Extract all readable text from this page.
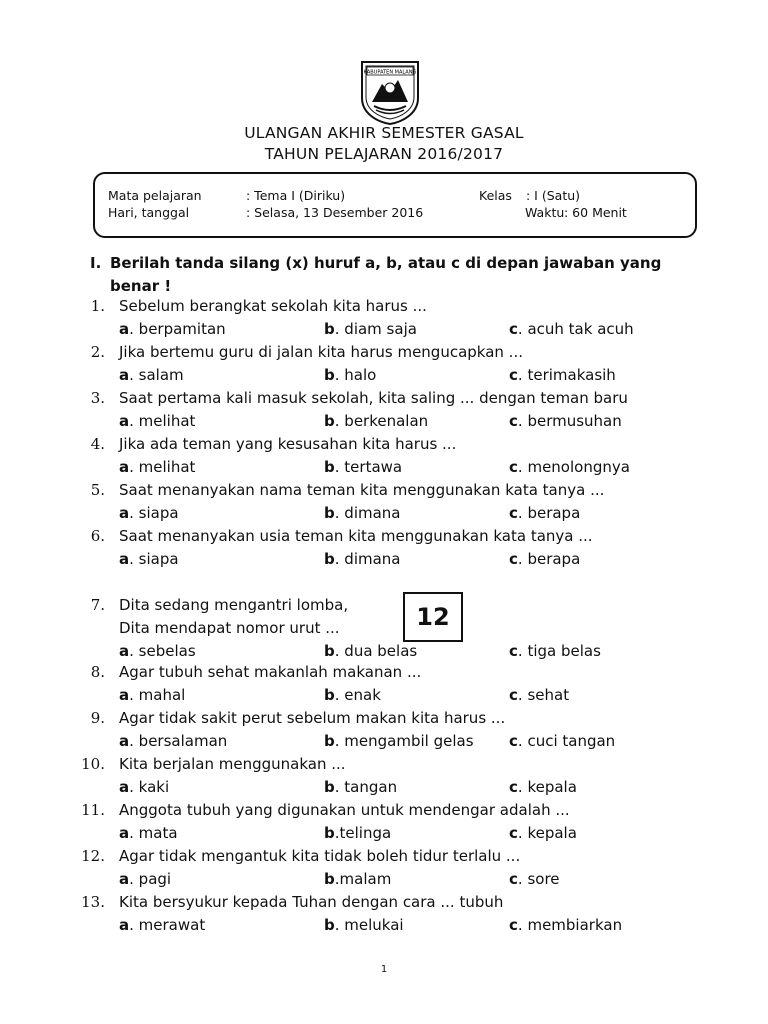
KABUPATEN MALANG
ULANGAN AKHIR SEMESTER GASAL
TAHUN PELAJARAN 2016/2017
Mata pelajaran	: Tema I (Diriku)	Kelas : I (Satu)
Hari, tanggal	: Selasa, 13 Desember 2016	Waktu : 60 Menit
I. Berilah tanda silang (x) huruf a, b, atau c di depan jawaban yang
benar !
1. Sebelum berangkat sekolah kita harus ...
a. berpamitan	b. diam saja	c. acuh tak acuh
2. Jika bertemu guru di jalan kita harus mengucapkan ...
a. salam	b. halo	c. terimakasih
3. Saat pertama kali masuk sekolah, kita saling ... dengan teman baru
a. melihat	b. berkenalan	c. bermusuhan
4. Jika ada teman yang kesusahan kita harus ...
a. melihat	b. tertawa	c. menolongnya
5. Saat menanyakan nama teman kita menggunakan kata tanya ...
a. siapa	b. dimana	c. berapa
6. Saat menanyakan usia teman kita menggunakan kata tanya ...
a. siapa	b. dimana	c. berapa
7. Dita sedang mengantri lomba,
Dita mendapat nomor urut ...
a. sebelas	b. dua belas	c. tiga belas
8. Agar tubuh sehat makanlah makanan ...
a. mahal	b. enak	c. sehat
9. Agar tidak sakit perut sebelum makan kita harus ...
a. bersalaman	b. mengambil gelas c. cuci tangan
10. Kita berjalan menggunakan ...
a. kaki	b. tangan	c. kepala
11. Anggota tubuh yang digunakan untuk mendengar adalah ...
a. mata	b.telinga	c. kepala
12. Agar tidak mengantuk kita tidak boleh tidur terlalu ...
a. pagi	b.malam	c. sore
13. Kita bersyukur kepada Tuhan dengan cara ... tubuh
a. merawat	b. melukai	c. membiarkan
12
1
